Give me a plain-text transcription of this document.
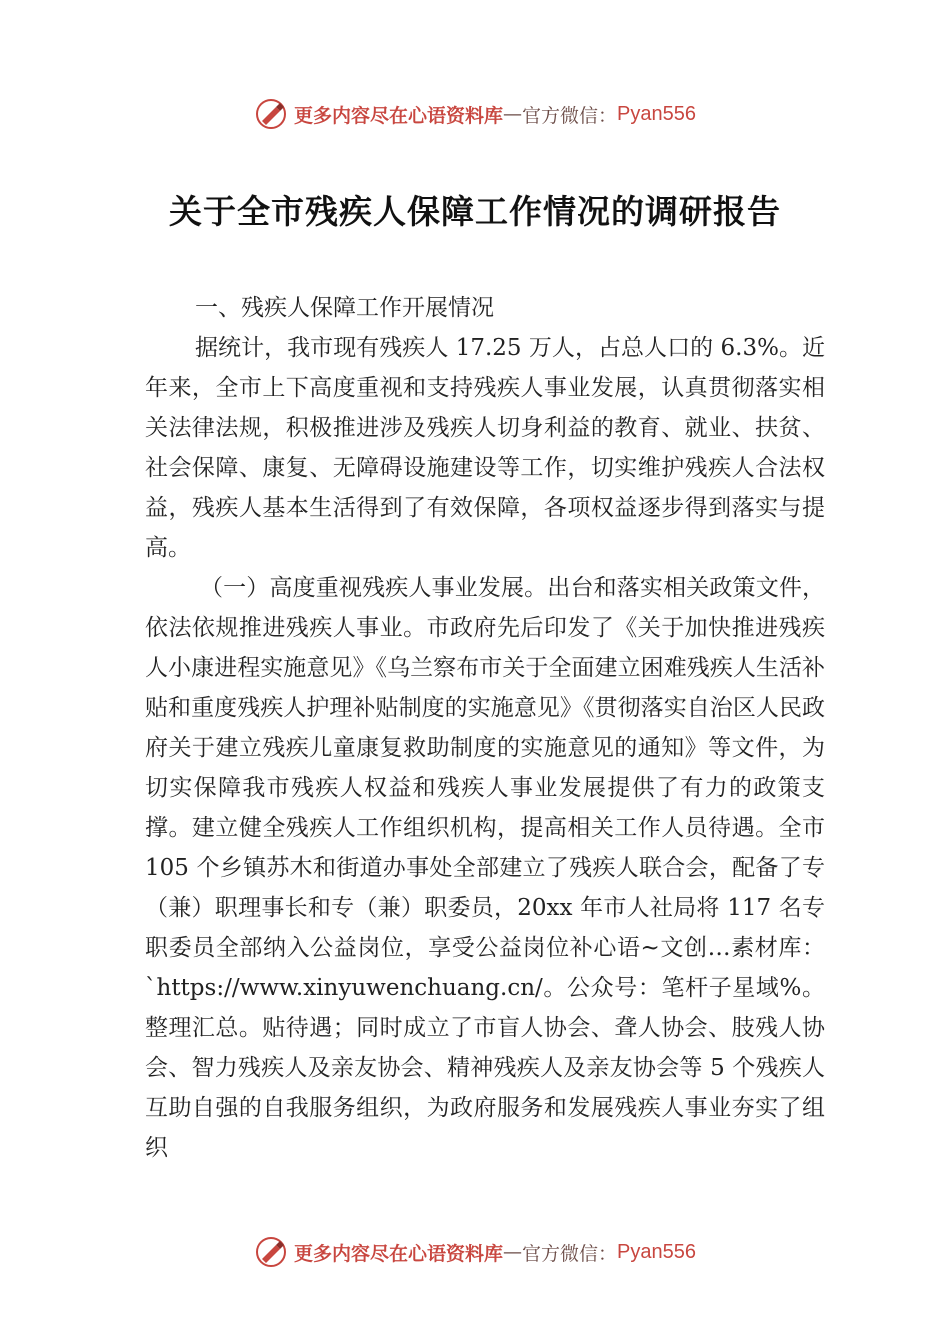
更多内容尽在心语资料库 — 官方微信： Pyan556
关于全市残疾人保障工作情况的调研报告

一、残疾人保障工作开展情况

据统计，我市现有残疾人 17.25 万人，占总人口的 6.3%。近年来，全市上下高度重视和支持残疾人事业发展，认真贯彻落实相关法律法规，积极推进涉及残疾人切身利益的教育、就业、扶贫、社会保障、康复、无障碍设施建设等工作，切实维护残疾人合法权益，残疾人基本生活得到了有效保障，各项权益逐步得到落实与提高。

（一）高度重视残疾人事业发展。出台和落实相关政策文件，依法依规推进残疾人事业。市政府先后印发了《关于加快推进残疾人小康进程实施意见》《乌兰察布市关于全面建立困难残疾人生活补贴和重度残疾人护理补贴制度的实施意见》《贯彻落实自治区人民政府关于建立残疾儿童康复救助制度的实施意见的通知》等文件，为切实保障我市残疾人权益和残疾人事业发展提供了有力的政策支撑。建立健全残疾人工作组织机构，提高相关工作人员待遇。全市 105 个乡镇苏木和街道办事处全部建立了残疾人联合会，配备了专（兼）职理事长和专（兼）职委员，20xx 年市人社局将 117 名专职委员全部纳入公益岗位，享受公益岗位补心语~文创…素材库：`https://www.xinyuwenchuang.cn/。公众号：笔杆子星域%。整理汇总。贴待遇；同时成立了市盲人协会、聋人协会、肢残人协会、智力残疾人及亲友协会、精神残疾人及亲友协会等 5 个残疾人互助自强的自我服务组织，为政府服务和发展残疾人事业夯实了组织

更多内容尽在心语资料库 — 官方微信： Pyan556
